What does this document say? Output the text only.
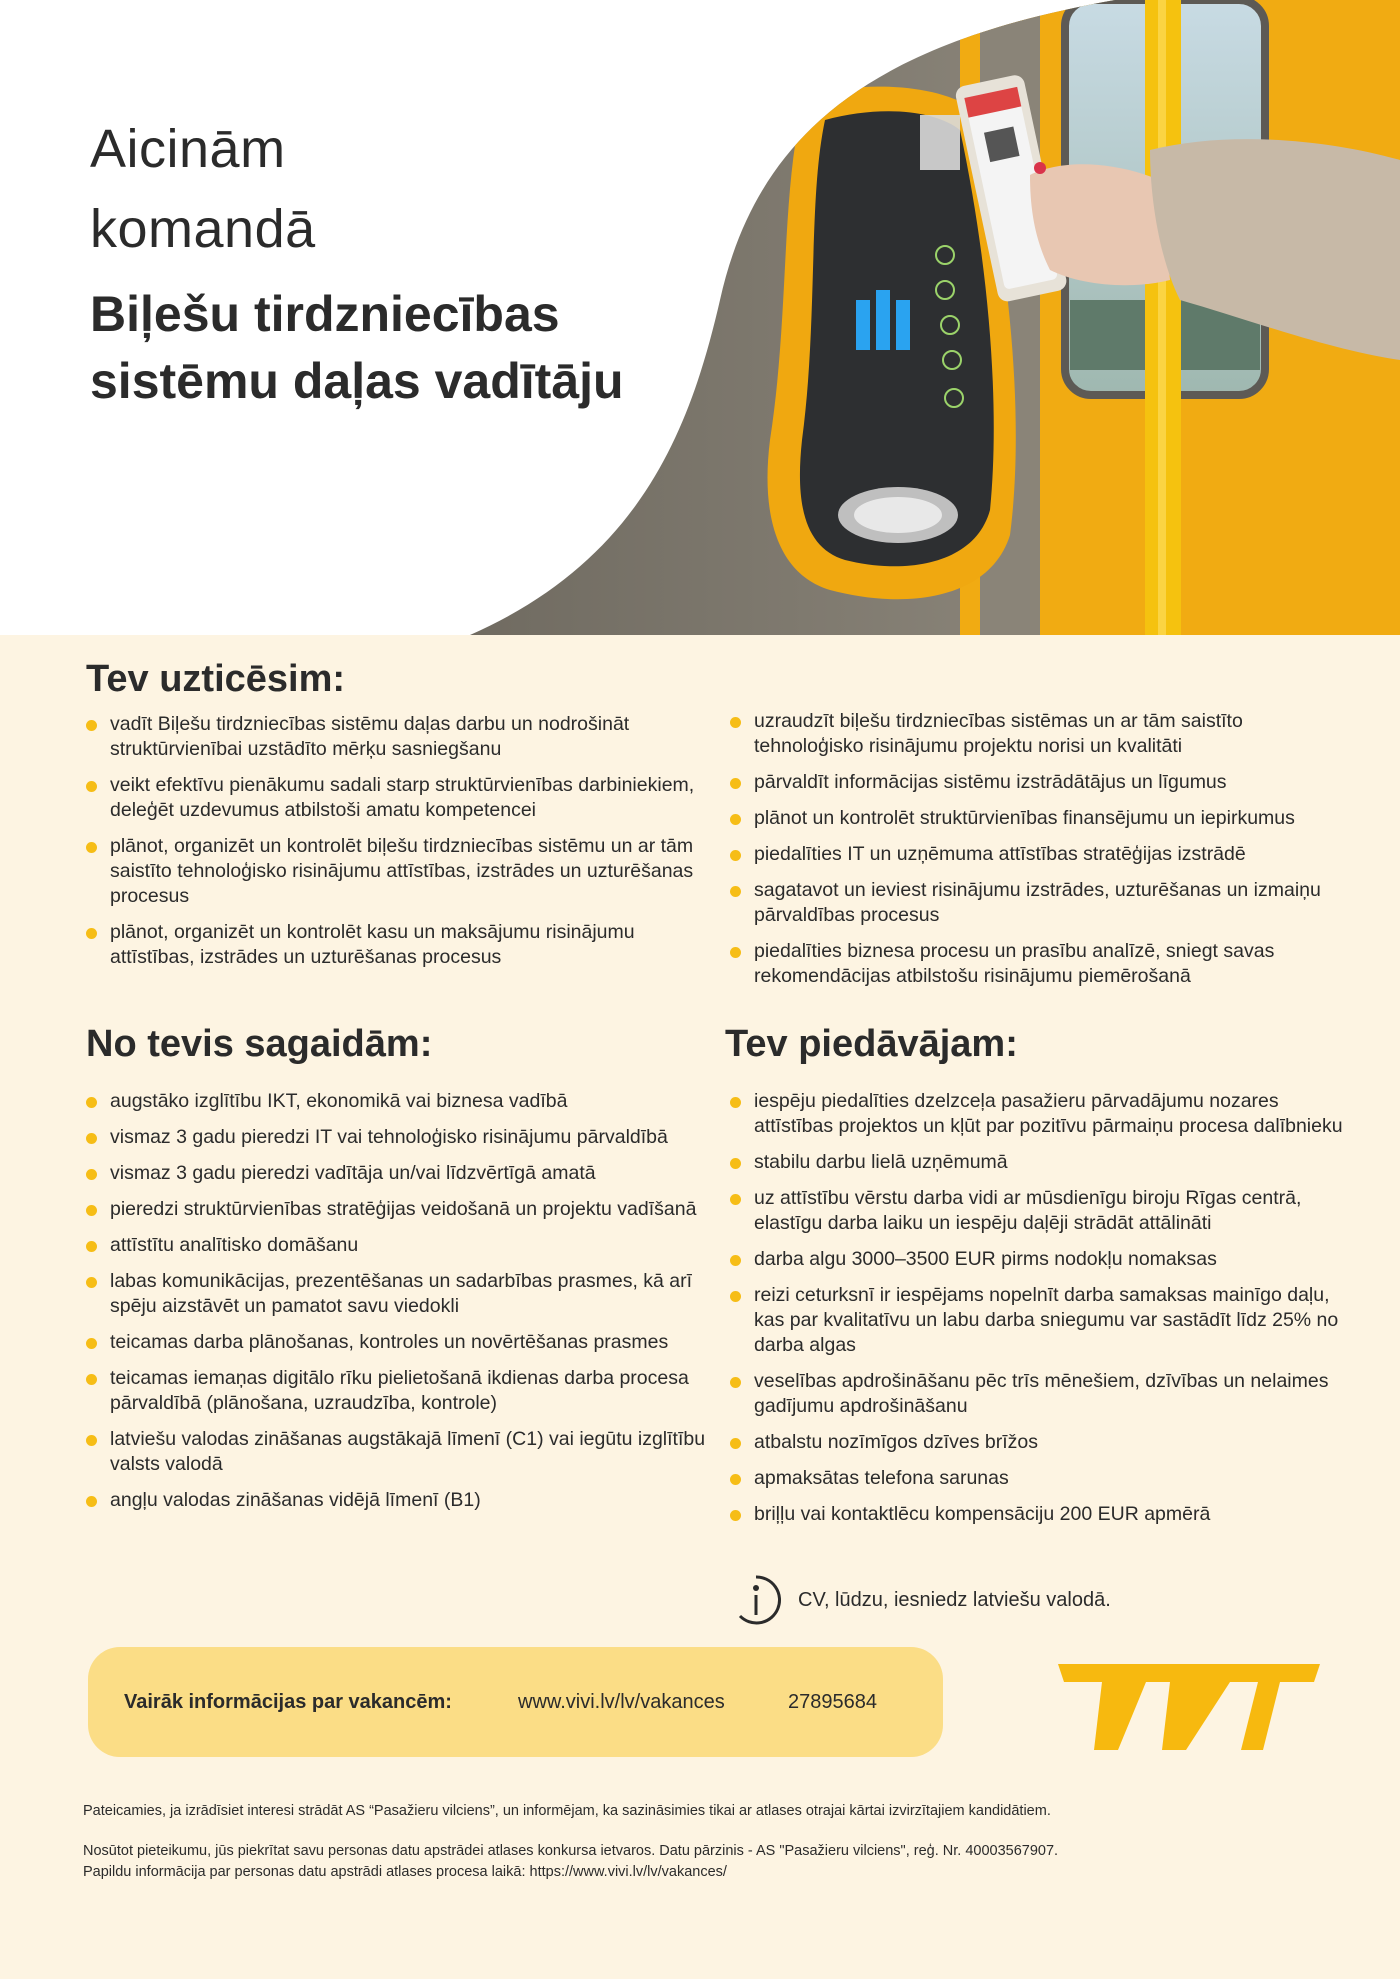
Aicinām

komandā

Biļešu tirdzniecības

sistēmu daļas vadītāju

Tev uzticēsim:
vadīt Biļešu tirdzniecības sistēmu daļas darbu un nodrošināt struktūrvienībai uzstādīto mērķu sasniegšanu
veikt efektīvu pienākumu sadali starp struktūrvienības darbiniekiem, deleģēt uzdevumus atbilstoši amatu kompetencei
plānot, organizēt un kontrolēt biļešu tirdzniecības sistēmu un ar tām saistīto tehnoloģisko risinājumu attīstības, izstrādes un uzturēšanas procesus
plānot, organizēt un kontrolēt kasu un maksājumu risinājumu attīstības, izstrādes un uzturēšanas procesus
uzraudzīt biļešu tirdzniecības sistēmas un ar tām saistīto tehnoloģisko risinājumu projektu norisi un kvalitāti
pārvaldīt informācijas sistēmu izstrādātājus un līgumus
plānot un kontrolēt struktūrvienības finansējumu un iepirkumus
piedalīties IT un uzņēmuma attīstības stratēģijas izstrādē
sagatavot un ieviest risinājumu izstrādes, uzturēšanas un izmaiņu pārvaldības procesus
piedalīties biznesa procesu un prasību analīzē, sniegt savas rekomendācijas atbilstošu risinājumu piemērošanā
No tevis sagaidām:
augstāko izglītību IKT, ekonomikā vai biznesa vadībā
vismaz 3 gadu pieredzi IT vai tehnoloģisko risinājumu pārvaldībā
vismaz 3 gadu pieredzi vadītāja un/vai līdzvērtīgā amatā
pieredzi struktūrvienības stratēģijas veidošanā un projektu vadīšanā
attīstītu analītisko domāšanu
labas komunikācijas, prezentēšanas un sadarbības prasmes, kā arī spēju aizstāvēt un pamatot savu viedokli
teicamas darba plānošanas, kontroles un novērtēšanas prasmes
teicamas iemaņas digitālo rīku pielietošanā ikdienas darba procesa pārvaldībā (plānošana, uzraudzība, kontrole)
latviešu valodas zināšanas augstākajā līmenī (C1) vai iegūtu izglītību valsts valodā
angļu valodas zināšanas vidējā līmenī (B1)
Tev piedāvājam:
iespēju piedalīties dzelzceļa pasažieru pārvadājumu nozares attīstības projektos un kļūt par pozitīvu pārmaiņu procesa dalībnieku
stabilu darbu lielā uzņēmumā
uz attīstību vērstu darba vidi ar mūsdienīgu biroju Rīgas centrā, elastīgu darba laiku un iespēju daļēji strādāt attālināti
darba algu 3000–3500 EUR pirms nodokļu nomaksas
reizi ceturksnī ir iespējams nopelnīt darba samaksas mainīgo daļu, kas par kvalitatīvu un labu darba sniegumu var sastādīt līdz 25% no darba algas
veselības apdrošināšanu pēc trīs mēnešiem, dzīvības un nelaimes gadījumu apdrošināšanu
atbalstu nozīmīgos dzīves brīžos
apmaksātas telefona sarunas
briļļu vai kontaktlēcu kompensāciju 200 EUR apmērā
CV, lūdzu, iesniedz latviešu valodā.
Vairāk informācijas par vakancēm:	www.vivi.lv/lv/vakances	27895684
VIVI

Pateicamies, ja izrādīsiet interesi strādāt AS “Pasažieru vilciens”, un informējam, ka sazināsimies tikai ar atlases otrajai kārtai izvirzītajiem kandidātiem.

Nosūtot pieteikumu, jūs piekrītat savu personas datu apstrādei atlases konkursa ietvaros. Datu pārzinis - AS "Pasažieru vilciens", reģ. Nr. 40003567907.

Papildu informācija par personas datu apstrādi atlases procesa laikā: https://www.vivi.lv/lv/vakances/
